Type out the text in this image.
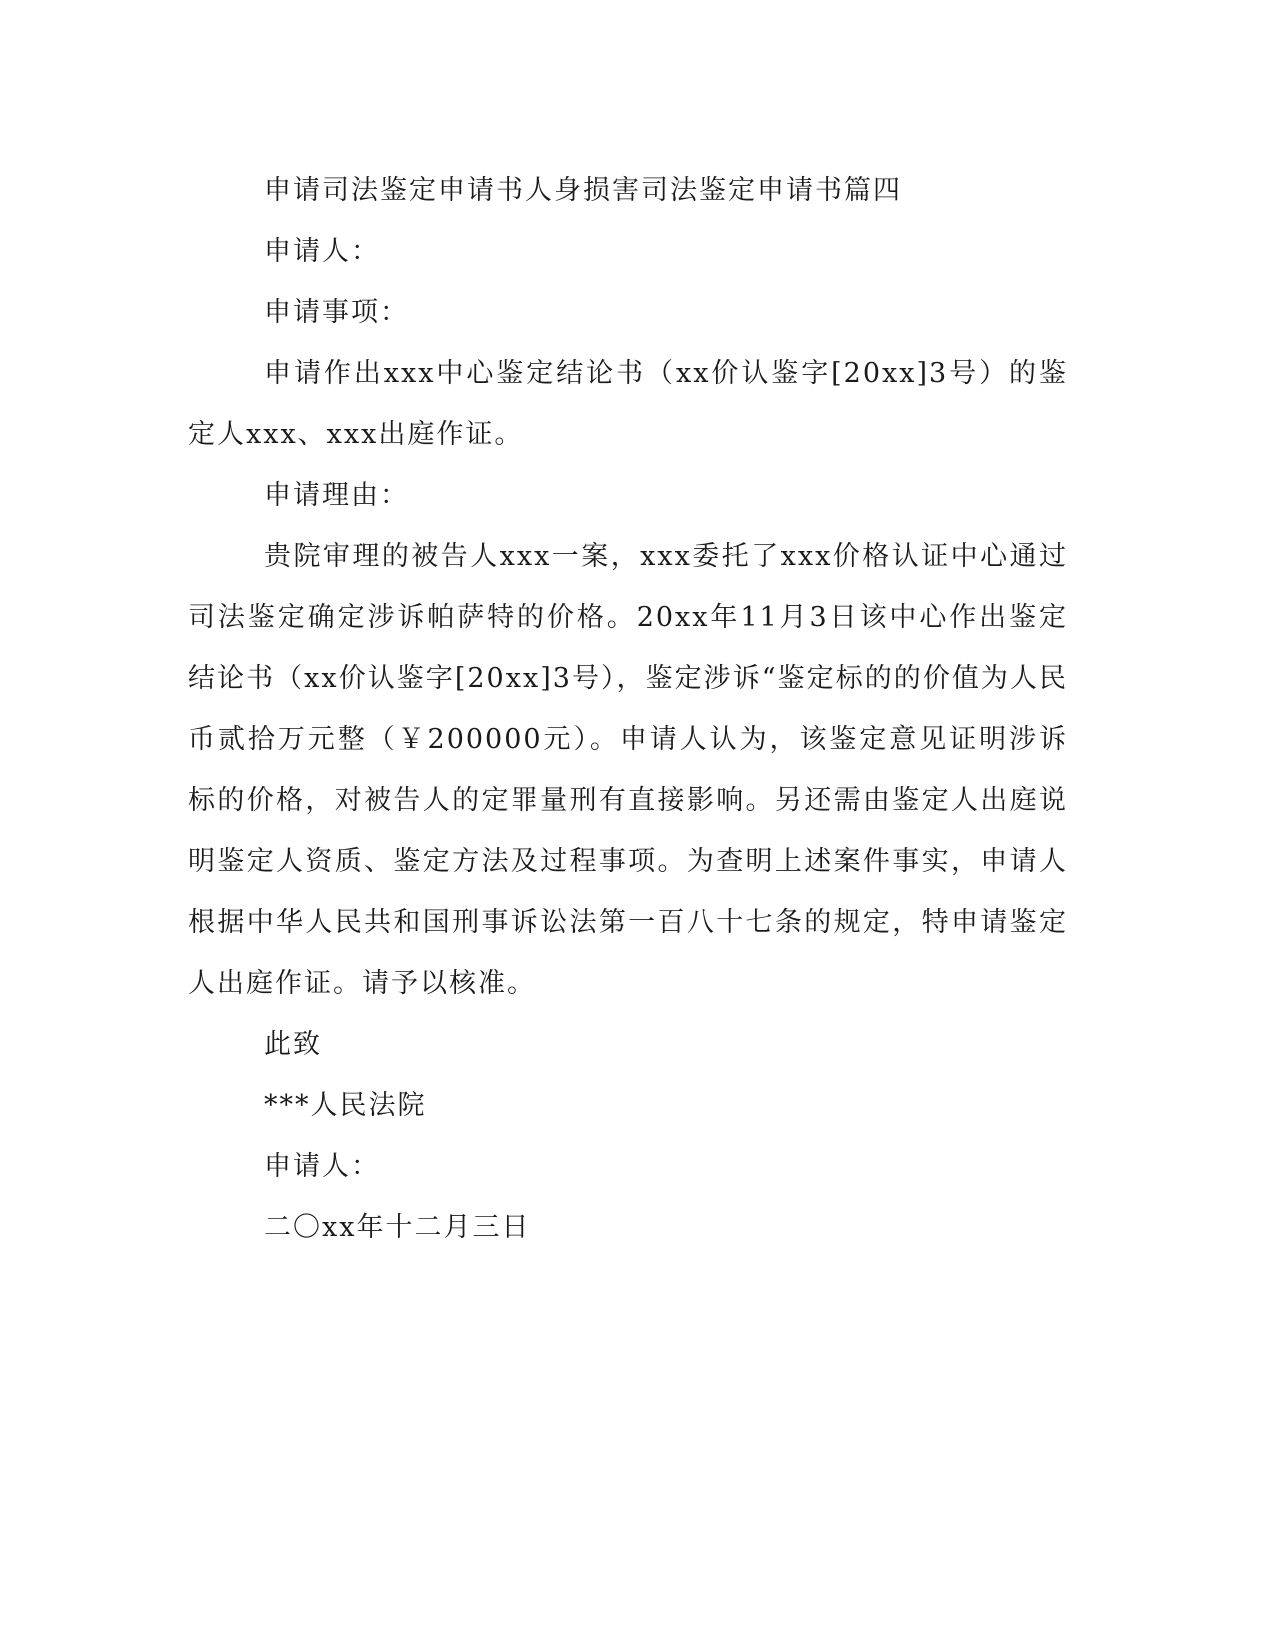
申请司法鉴定申请书人身损害司法鉴定申请书篇四

申请人：

申请事项：

申请作出xxx中心鉴定结论书（xx价认鉴字[20xx]3号）的鉴定人xxx、xxx出庭作证。

申请理由：

贵院审理的被告人xxx一案，xxx委托了xxx价格认证中心通过司法鉴定确定涉诉帕萨特的价格。20xx年11月3日该中心作出鉴定结论书（xx价认鉴字[20xx]3号），鉴定涉诉“鉴定标的的价值为人民币贰拾万元整（￥200000元）。申请人认为，该鉴定意见证明涉诉标的价格，对被告人的定罪量刑有直接影响。另还需由鉴定人出庭说明鉴定人资质、鉴定方法及过程事项。为查明上述案件事实，申请人根据中华人民共和国刑事诉讼法第一百八十七条的规定，特申请鉴定人出庭作证。请予以核准。

此致

***人民法院

申请人：

二〇xx年十二月三日
